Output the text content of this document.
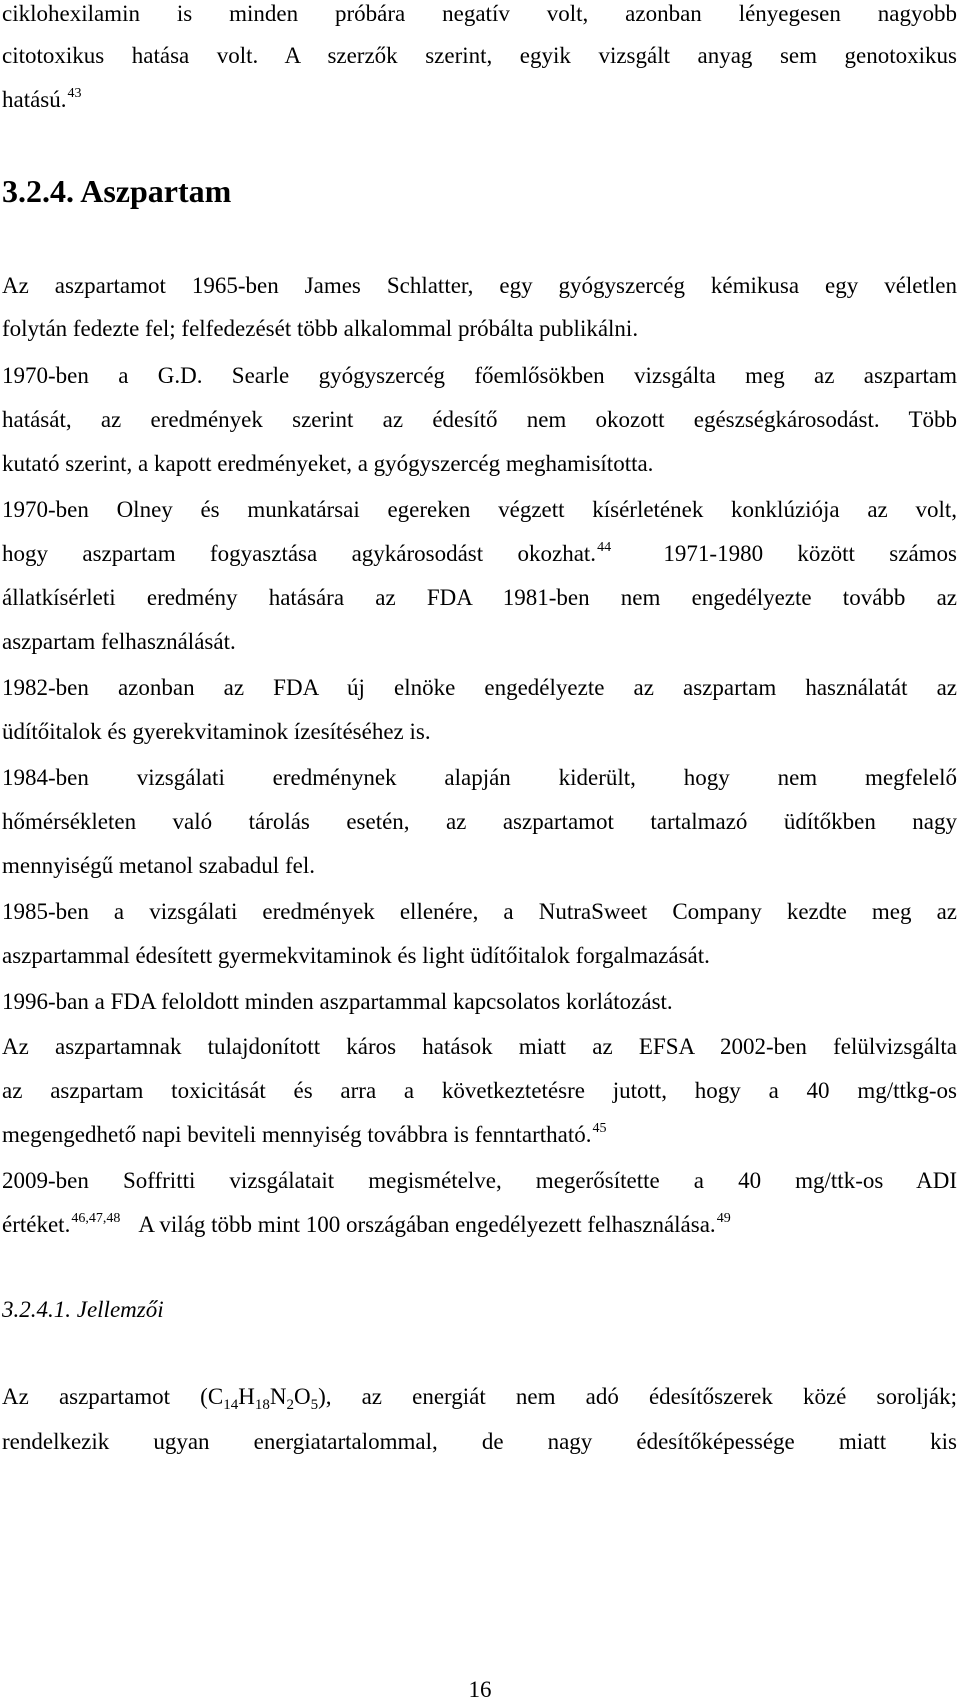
ciklohexilamin is minden próbára negatív volt, azonban lényegesen nagyobb
citotoxikus hatása volt. A szerzők szerint, egyik vizsgált anyag sem genotoxikus
hatású.$^{43}$
3.2.4. Aszpartam
Az aszpartamot 1965-ben James Schlatter, egy gyógyszercég kémikusa egy véletlen
folytán fedezte fel; felfedezését több alkalommal próbálta publikálni.
1970-ben a G.D. Searle gyógyszercég főemlősökben vizsgálta meg az aszpartam
hatását, az eredmények szerint az édesítő nem okozott egészségkárosodást. Több
kutató szerint, a kapott eredményeket, a gyógyszercég meghamisította.
1970-ben Olney és munkatársai egereken végzett kísérletének konklúziója az volt,
hogy aszpartam fogyasztása agykárosodást okozhat.$^{44}$ 1971-1980 között számos
állatkísérleti eredmény hatására az FDA 1981-ben nem engedélyezte tovább az
aszpartam felhasználását.
1982-ben azonban az FDA új elnöke engedélyezte az aszpartam használatát az
üdítőitalok és gyerekvitaminok ízesítéséhez is.
1984-ben vizsgálati eredménynek alapján kiderült, hogy nem megfelelő
hőmérsékleten való tárolás esetén, az aszpartamot tartalmazó üdítőkben nagy
mennyiségű metanol szabadul fel.
1985-ben a vizsgálati eredmények ellenére, a NutraSweet Company kezdte meg az
aszpartammal édesített gyermekvitaminok és light üdítőitalok forgalmazását.
1996-ban a FDA feloldott minden aszpartammal kapcsolatos korlátozást.
Az aszpartamnak tulajdonított káros hatások miatt az EFSA 2002-ben felülvizsgálta
az aszpartam toxicitását és arra a következtetésre jutott, hogy a 40 mg/ttkg-os
megengedhető napi beviteli mennyiség továbbra is fenntartható.$^{45}$
2009-ben Soffritti vizsgálatait megismételve, megerősítette a 40 mg/ttk-os ADI
értéket.$^{46,47,48}$ A világ több mint 100 országában engedélyezett felhasználása.$^{49}$
3.2.4.1. Jellemzői
Az aszpartamot $(C_{14}H_{18}N_2O_5)$, az energiát nem adó édesítőszerek közé sorolják;
rendelkezik ugyan energiatartalommal, de nagy édesítőképessége miatt kis
16
